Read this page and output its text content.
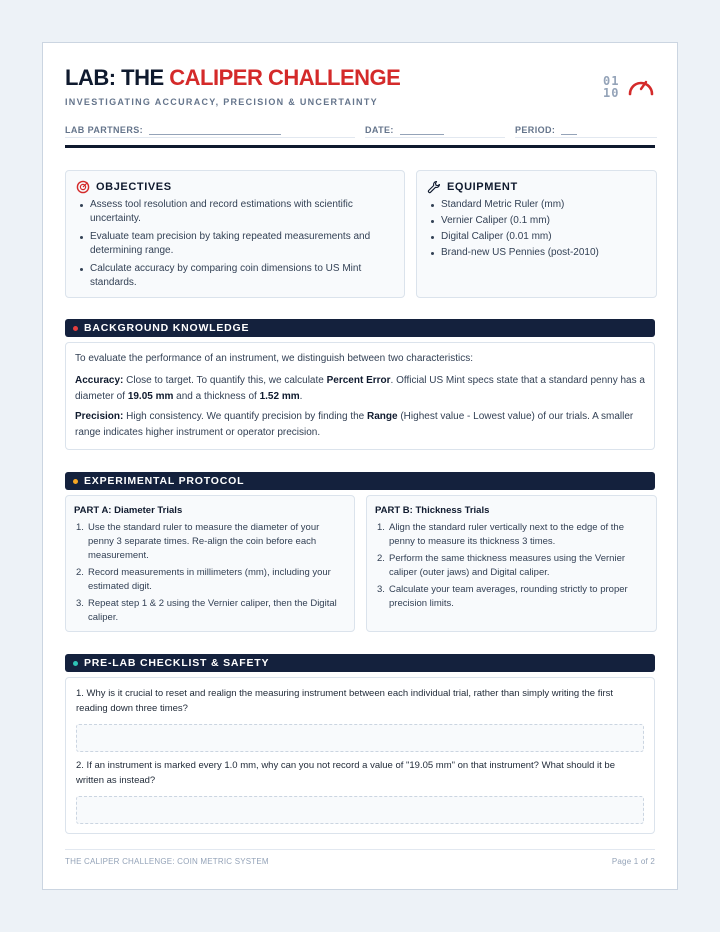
LAB: THE CALIPER CHALLENGE
INVESTIGATING ACCURACY, PRECISION & UNCERTAINTY
01
10
LAB PARTNERS:	DATE:	PERIOD:
OBJECTIVES
Assess tool resolution and record estimations with scientific uncertainty.
Evaluate team precision by taking repeated measurements and determining range.
Calculate accuracy by comparing coin dimensions to US Mint standards.
EQUIPMENT
Standard Metric Ruler (mm)
Vernier Caliper (0.1 mm)
Digital Caliper (0.01 mm)
Brand-new US Pennies (post-2010)
BACKGROUND KNOWLEDGE
To evaluate the performance of an instrument, we distinguish between two characteristics:
Accuracy: Close to target. To quantify this, we calculate Percent Error. Official US Mint specs state that a standard penny has a diameter of 19.05 mm and a thickness of 1.52 mm.
Precision: High consistency. We quantify precision by finding the Range (Highest value - Lowest value) of our trials. A smaller range indicates higher instrument or operator precision.
EXPERIMENTAL PROTOCOL
PART A: Diameter Trials
Use the standard ruler to measure the diameter of your penny 3 separate times. Re-align the coin before each measurement.
Record measurements in millimeters (mm), including your estimated digit.
Repeat step 1 & 2 using the Vernier caliper, then the Digital caliper.
PART B: Thickness Trials
Align the standard ruler vertically next to the edge of the penny to measure its thickness 3 times.
Perform the same thickness measures using the Vernier caliper (outer jaws) and Digital caliper.
Calculate your team averages, rounding strictly to proper precision limits.
PRE-LAB CHECKLIST & SAFETY
1. Why is it crucial to reset and realign the measuring instrument between each individual trial, rather than simply writing the first reading down three times?
2. If an instrument is marked every 1.0 mm, why can you not record a value of "19.05 mm" on that instrument? What should it be written as instead?
THE CALIPER CHALLENGE: COIN METRIC SYSTEM	Page 1 of 2
